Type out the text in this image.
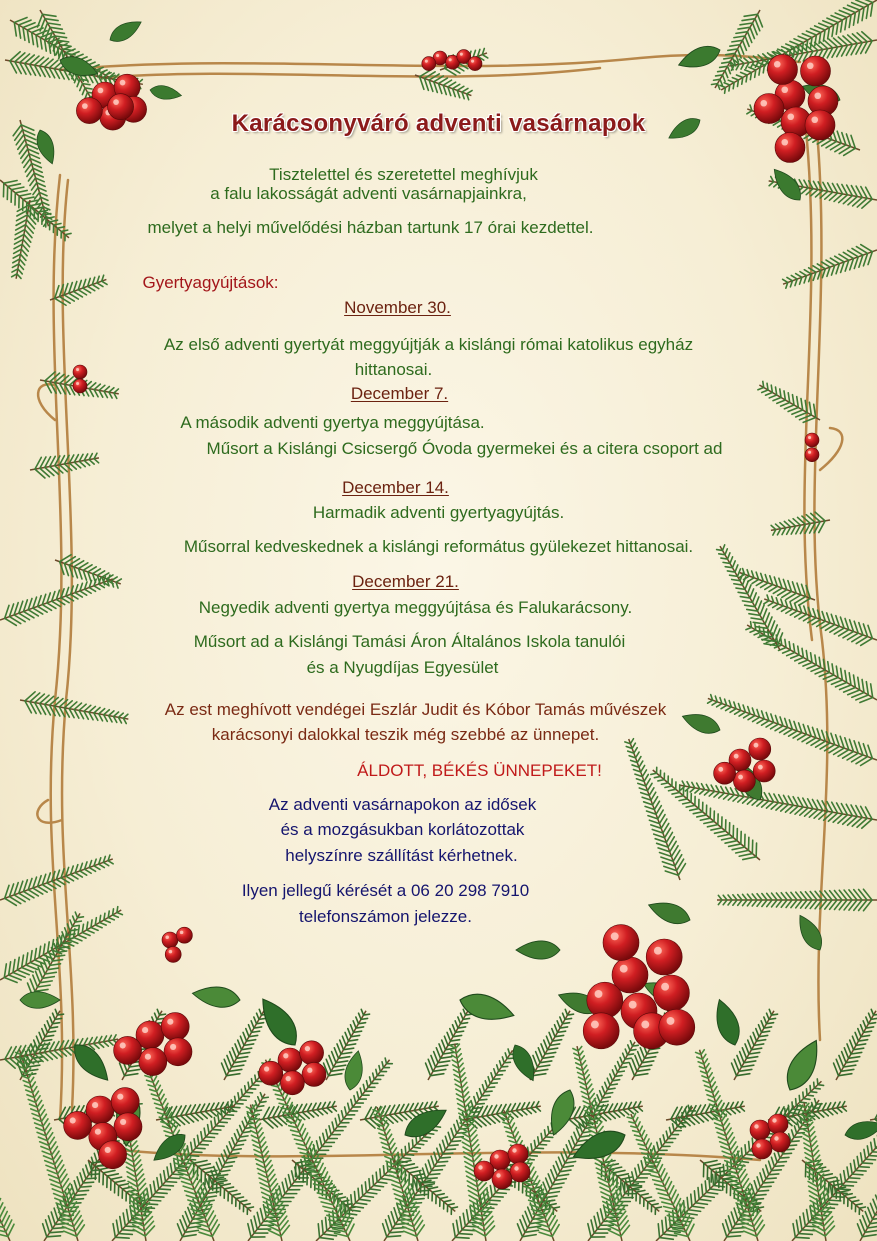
Karácsonyváró adventi vasárnapok
Tisztelettel és szeretettel meghívjuk
a falu lakosságát adventi vasárnapjainkra,
melyet a helyi művelődési házban tartunk 17 órai kezdettel.
Gyertyagyújtások:
November 30.
Az első adventi gyertyát meggyújtják a kislángi római katolikus egyház
hittanosai.
December 7.
A második adventi gyertya meggyújtása.
Műsort a Kislángi Csicsergő Óvoda gyermekei és a citera csoport ad
December 14.
Harmadik adventi gyertyagyújtás.
Műsorral kedveskednek a kislángi református gyülekezet hittanosai.
December 21.
Negyedik adventi gyertya meggyújtása és Falukarácsony.
Műsort ad a Kislángi Tamási Áron Általános Iskola tanulói
és a Nyugdíjas Egyesület
Az est meghívott vendégei Eszlár Judit és Kóbor Tamás művészek
karácsonyi dalokkal teszik még szebbé az ünnepet.
ÁLDOTT, BÉKÉS ÜNNEPEKET!
Az adventi vasárnapokon az idősek
és a mozgásukban korlátozottak
helyszínre szállítást kérhetnek.
Ilyen jellegű kérését a 06 20 298 7910
telefonszámon jelezze.
